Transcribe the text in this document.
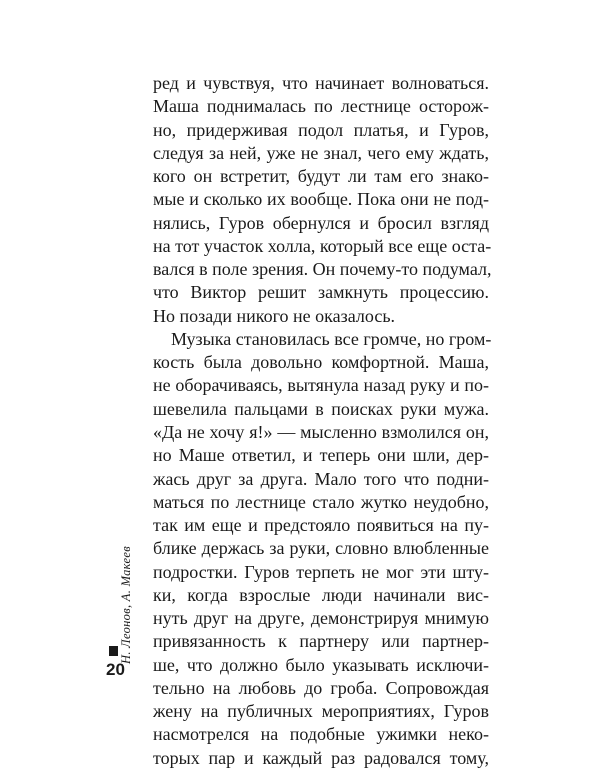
ред и чувствуя, что начинает волноваться.
Маша поднималась по лестнице осторож-
но, придерживая подол платья, и Гуров,
следуя за ней, уже не знал, чего ему ждать,
кого он встретит, будут ли там его знако-
мые и сколько их вообще. Пока они не под-
нялись, Гуров обернулся и бросил взгляд
на тот участок холла, который все еще оста-
вался в поле зрения. Он почему-то подумал,
что Виктор решит замкнуть процессию.
Но позади никого не оказалось.
Музыка становилась все громче, но гром-
кость была довольно комфортной. Маша,
не оборачиваясь, вытянула назад руку и по-
шевелила пальцами в поисках руки мужа.
«Да не хочу я!» — мысленно взмолился он,
но Маше ответил, и теперь они шли, дер-
жась друг за друга. Мало того что подни-
маться по лестнице стало жутко неудобно,
так им еще и предстояло появиться на пу-
блике держась за руки, словно влюбленные
подростки. Гуров терпеть не мог эти шту-
ки, когда взрослые люди начинали вис-
нуть друг на друге, демонстрируя мнимую
привязанность к партнеру или партнер-
ше, что должно было указывать исключи-
тельно на любовь до гроба. Сопровождая
жену на публичных мероприятиях, Гуров
насмотрелся на подобные ужимки неко-
торых пар и каждый раз радовался тому,
Н. Леонов, А. Макеев
20
